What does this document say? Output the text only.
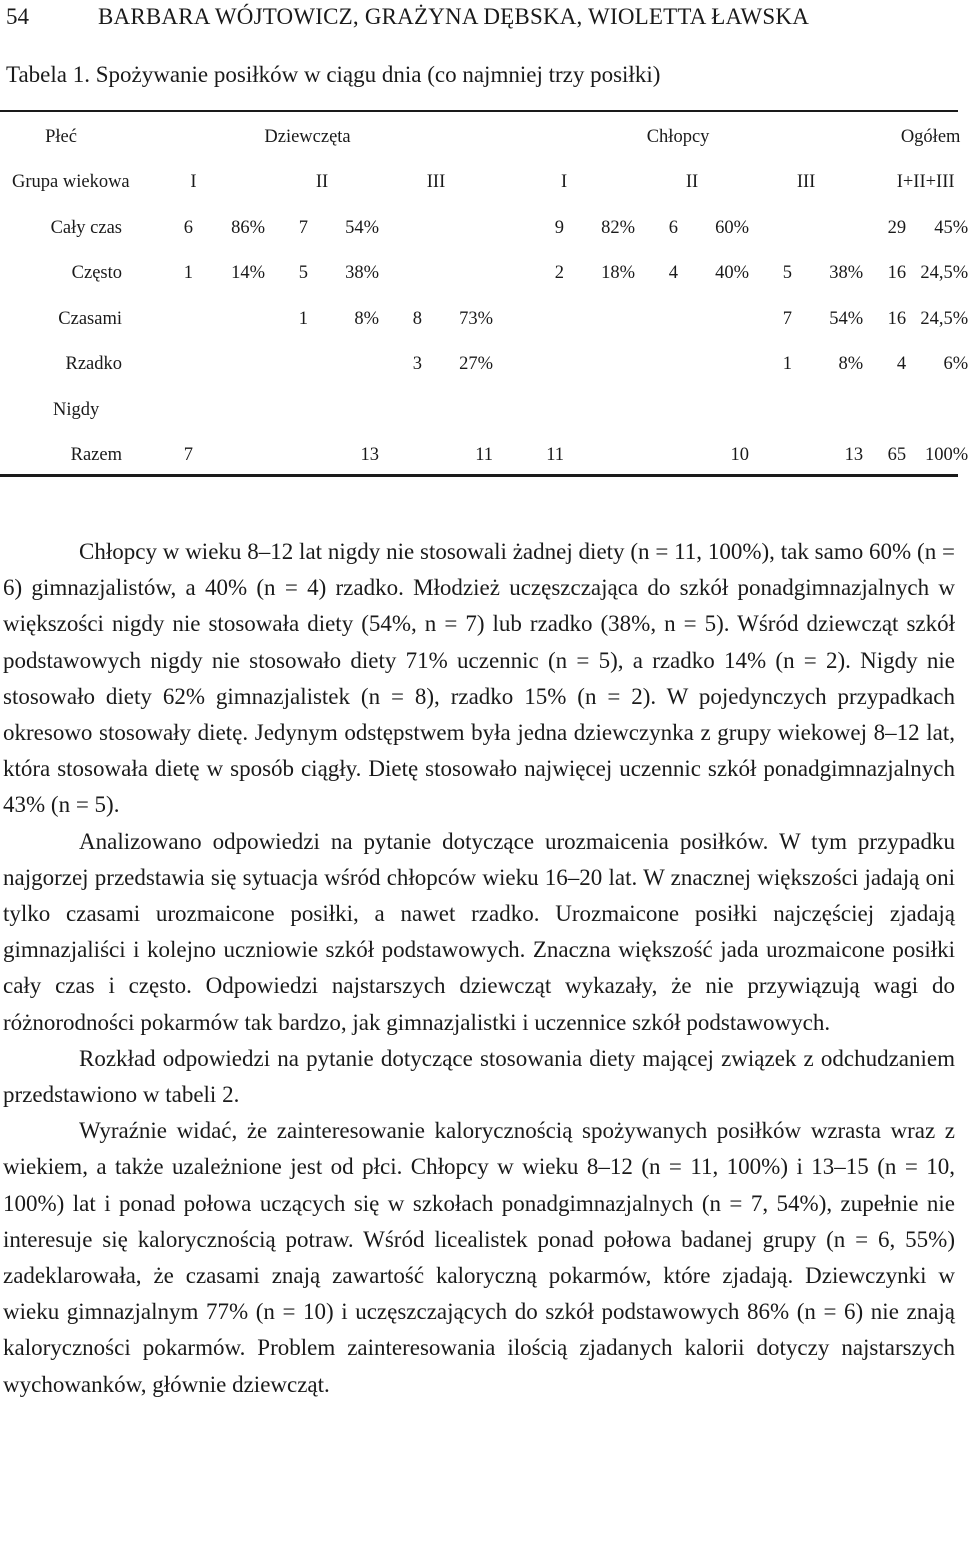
54	BARBARA WÓJTOWICZ, GRAŻYNA DĘBSKA, WIOLETTA ŁAWSKA
Tabela 1. Spożywanie posiłków w ciągu dnia (co najmniej trzy posiłki)
Płeć	Dziewczęta						Chłopcy						Ogółem	
Grupa wiekowa	I		II		III		I		II		III		I+II+III	
Cały czas	6	86%	7	54%			9	82%	6	60%			29	45%
Często	1	14%	5	38%			2	18%	4	40%	5	38%	16	24,5%
Czasami			1	8%	8	73%					7	54%	16	24,5%
Rzadko					3	27%					1	8%	4	6%
Nigdy														
Razem	7			13		11	11			10		13	65	100%

Chłopcy w wieku 8–12 lat nigdy nie stosowali żadnej diety (n = 11, 100%), tak samo 60% (n = 6) gimnazjalistów, a 40% (n = 4) rzadko. Młodzież uczęszczająca do szkół ponadgimnazjalnych w większości nigdy nie stosowała diety (54%, n = 7) lub rzadko (38%, n = 5). Wśród dziewcząt szkół podstawowych nigdy nie stosowało diety 71% uczennic (n = 5), a rzadko 14% (n = 2). Nigdy nie stosowało diety 62% gimnazjalistek (n = 8), rzadko 15% (n = 2). W pojedynczych przypadkach okresowo stosowały dietę. Jedynym odstępstwem była jedna dziewczynka z grupy wiekowej 8–12 lat, która stosowała dietę w sposób ciągły. Dietę stosowało najwięcej uczennic szkół ponadgimnazjalnych 43% (n = 5).

Analizowano odpowiedzi na pytanie dotyczące urozmaicenia posiłków. W tym przypadku najgorzej przedstawia się sytuacja wśród chłopców wieku 16–20 lat. W znacznej większości jadają oni tylko czasami urozmaicone posiłki, a nawet rzadko. Urozmaicone posiłki najczęściej zjadają gimnazjaliści i kolejno uczniowie szkół podstawowych. Znaczna większość jada urozmaicone posiłki cały czas i często. Odpowiedzi najstarszych dziewcząt wykazały, że nie przywiązują wagi do różnorodności pokarmów tak bardzo, jak gimnazjalistki i uczennice szkół podstawowych.

Rozkład odpowiedzi na pytanie dotyczące stosowania diety mającej związek z odchudzaniem przedstawiono w tabeli 2.

Wyraźnie widać, że zainteresowanie kalorycznością spożywanych posiłków wzrasta wraz z wiekiem, a także uzależnione jest od płci. Chłopcy w wieku 8–12 (n = 11, 100%) i 13–15 (n = 10, 100%) lat i ponad połowa uczących się w szkołach ponadgimnazjalnych (n = 7, 54%), zupełnie nie interesuje się kalorycznością potraw. Wśród licealistek ponad połowa badanej grupy (n = 6, 55%) zadeklarowała, że czasami znają zawartość kaloryczną pokarmów, które zjadają. Dziewczynki w wieku gimnazjalnym 77% (n = 10) i uczęszczających do szkół podstawowych 86% (n = 6) nie znają kaloryczności pokarmów. Problem zainteresowania ilością zjadanych kalorii dotyczy najstarszych wychowanków, głównie dziewcząt.
